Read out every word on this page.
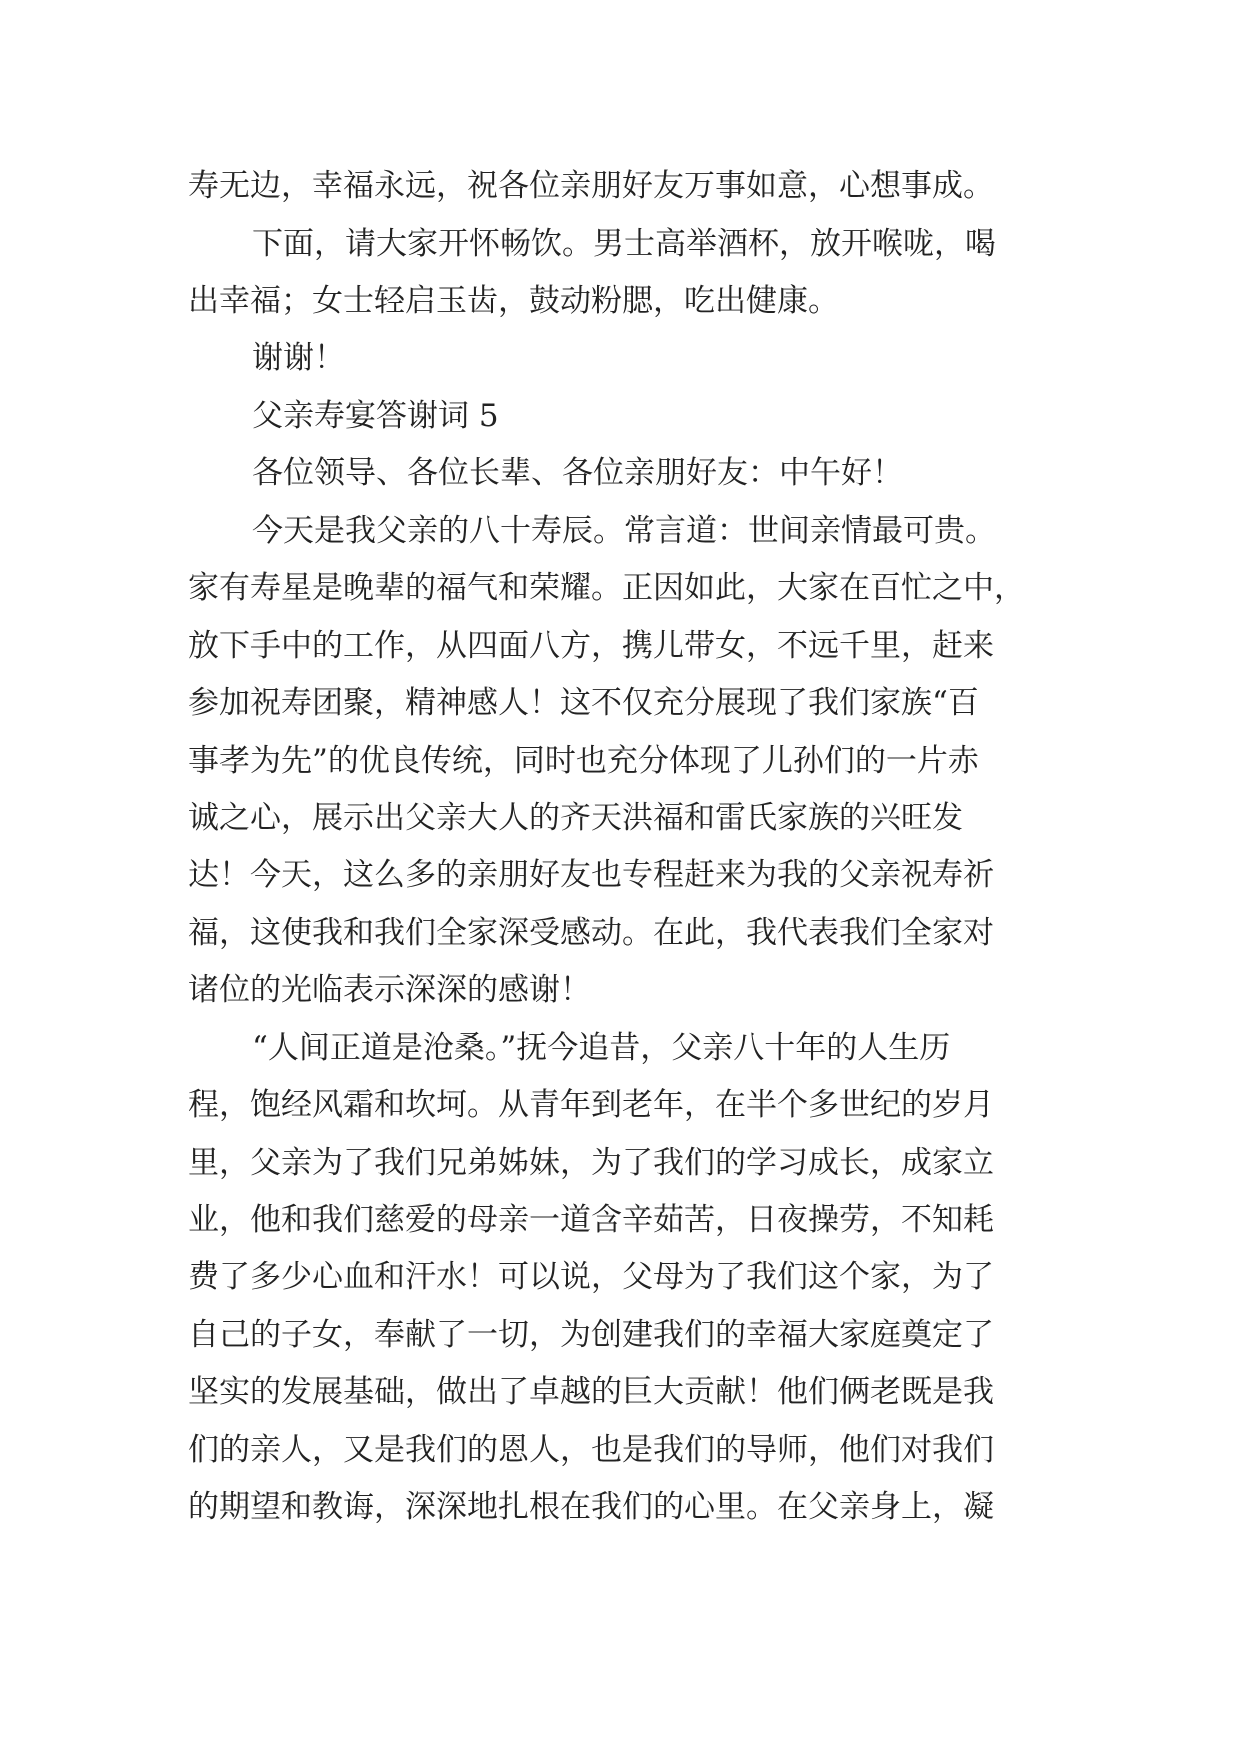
寿无边，幸福永远，祝各位亲朋好友万事如意，心想事成。

下面，请大家开怀畅饮。男士高举酒杯，放开喉咙，喝

出幸福；女士轻启玉齿，鼓动粉腮，吃出健康。

谢谢！

父亲寿宴答谢词 5

各位领导、各位长辈、各位亲朋好友：中午好！

今天是我父亲的八十寿辰。常言道：世间亲情最可贵。

家有寿星是晚辈的福气和荣耀。正因如此，大家在百忙之中，

放下手中的工作，从四面八方，携儿带女，不远千里，赶来

参加祝寿团聚，精神感人！这不仅充分展现了我们家族“百

事孝为先”的优良传统，同时也充分体现了儿孙们的一片赤

诚之心，展示出父亲大人的齐天洪福和雷氏家族的兴旺发

达！今天，这么多的亲朋好友也专程赶来为我的父亲祝寿祈

福，这使我和我们全家深受感动。在此，我代表我们全家对

诸位的光临表示深深的感谢！

“人间正道是沧桑。”抚今追昔，父亲八十年的人生历

程，饱经风霜和坎坷。从青年到老年，在半个多世纪的岁月

里，父亲为了我们兄弟姊妹，为了我们的学习成长，成家立

业，他和我们慈爱的母亲一道含辛茹苦，日夜操劳，不知耗

费了多少心血和汗水！可以说，父母为了我们这个家，为了

自己的子女，奉献了一切，为创建我们的幸福大家庭奠定了

坚实的发展基础，做出了卓越的巨大贡献！他们俩老既是我

们的亲人，又是我们的恩人，也是我们的导师，他们对我们

的期望和教诲，深深地扎根在我们的心里。在父亲身上，凝
